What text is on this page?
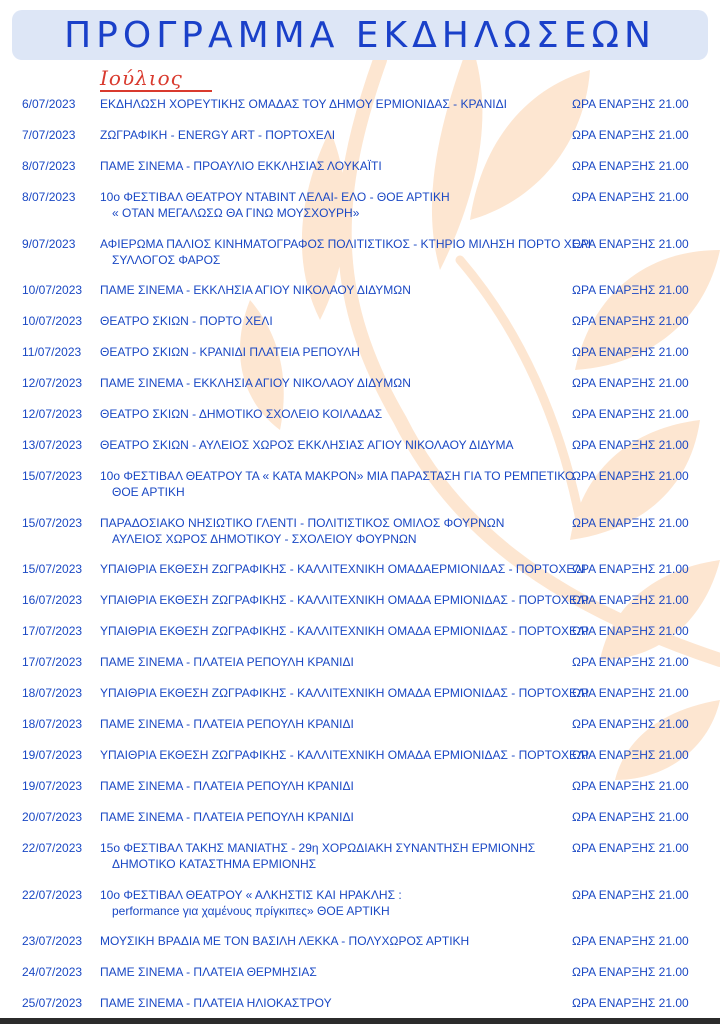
ΠΡΟΓΡΑΜΜΑ ΕΚΔΗΛΩΣΕΩΝ
Ιούλιος
6/07/2023 ΕΚΔΗΛΩΣΗ ΧΟΡΕΥΤΙΚΗΣ ΟΜΑΔΑΣ ΤΟΥ ΔΗΜΟΥ ΕΡΜΙΟΝΙΔΑΣ - ΚΡΑΝΙΔΙ	ΩΡΑ ΕΝΑΡΞΗΣ 21.00
7/07/2023 ΖΩΓΡΑΦΙΚΗ - ENERGY ART - ΠΟΡΤΟΧΕΛΙ	ΩΡΑ ΕΝΑΡΞΗΣ 21.00
8/07/2023 ΠΑΜΕ ΣΙΝΕΜΑ - ΠΡΟΑΥΛΙΟ ΕΚΚΛΗΣΙΑΣ ΛΟΥΚΑΪΤΙ	ΩΡΑ ΕΝΑΡΞΗΣ 21.00
8/07/2023 10ο ΦΕΣΤΙΒΑΛ ΘΕΑΤΡΟΥ ΝΤΑΒΙΝΤ ΛΕΛΑΙ- ΕΛΟ - ΘΟΕ ΑΡΤΙΚΗ
« ΟΤΑΝ ΜΕΓΑΛΩΣΩ ΘΑ ΓΙΝΩ ΜΟΥΣΧΟΥΡΗ»
ΩΡΑ ΕΝΑΡΞΗΣ 21.00
9/07/2023 ΑΦΙΕΡΩΜΑ ΠΑΛΙΟΣ ΚΙΝΗΜΑΤΟΓΡΑΦΟΣ ΠΟΛΙΤΙΣΤΙΚΟΣ - ΚΤΗΡΙΟ ΜΙΛΗΣΗ ΠΟΡΤΟ ΧΕΛΙ
ΣΥΛΛΟΓΟΣ ΦΑΡΟΣ
ΩΡΑ ΕΝΑΡΞΗΣ 21.00
10/07/2023 ΠΑΜΕ ΣΙΝΕΜΑ - ΕΚΚΛΗΣΙΑ ΑΓΙΟΥ ΝΙΚΟΛΑΟΥ ΔΙΔΥΜΩΝ	ΩΡΑ ΕΝΑΡΞΗΣ 21.00
10/07/2023 ΘΕΑΤΡΟ ΣΚΙΩΝ - ΠΟΡΤΟ ΧΕΛΙ	ΩΡΑ ΕΝΑΡΞΗΣ 21.00
11/07/2023 ΘΕΑΤΡΟ ΣΚΙΩΝ - ΚΡΑΝΙΔΙ ΠΛΑΤΕΙΑ ΡΕΠΟΥΛΗ	ΩΡΑ ΕΝΑΡΞΗΣ 21.00
12/07/2023 ΠΑΜΕ ΣΙΝΕΜΑ - ΕΚΚΛΗΣΙΑ ΑΓΙΟΥ ΝΙΚΟΛΑΟΥ ΔΙΔΥΜΩΝ	ΩΡΑ ΕΝΑΡΞΗΣ 21.00
12/07/2023 ΘΕΑΤΡΟ ΣΚΙΩΝ - ΔΗΜΟΤΙΚΟ ΣΧΟΛΕΙΟ ΚΟΙΛΑΔΑΣ	ΩΡΑ ΕΝΑΡΞΗΣ 21.00
13/07/2023 ΘΕΑΤΡΟ ΣΚΙΩΝ - ΑΥΛΕΙΟΣ ΧΩΡΟΣ ΕΚΚΛΗΣΙΑΣ ΑΓΙΟΥ ΝΙΚΟΛΑΟΥ ΔΙΔΥΜΑ	ΩΡΑ ΕΝΑΡΞΗΣ 21.00
15/07/2023 10ο ΦΕΣΤΙΒΑΛ ΘΕΑΤΡΟΥ ΤΑ « ΚΑΤΑ ΜΑΚΡΟΝ» ΜΙΑ ΠΑΡΑΣΤΑΣΗ ΓΙΑ ΤΟ ΡΕΜΠΕΤΙΚΟ
ΘΟΕ ΑΡΤΙΚΗ
ΩΡΑ ΕΝΑΡΞΗΣ 21.00
15/07/2023 ΠΑΡΑΔΟΣΙΑΚΟ ΝΗΣΙΩΤΙΚΟ ΓΛΕΝΤΙ - ΠΟΛΙΤΙΣΤΙΚΟΣ ΟΜΙΛΟΣ ΦΟΥΡΝΩΝ
ΑΥΛΕΙΟΣ ΧΩΡΟΣ ΔΗΜΟΤΙΚΟΥ - ΣΧΟΛΕΙΟΥ ΦΟΥΡΝΩΝ
ΩΡΑ ΕΝΑΡΞΗΣ 21.00
15/07/2023 ΥΠΑΙΘΡΙΑ ΕΚΘΕΣΗ ΖΩΓΡΑΦΙΚΗΣ - ΚΑΛΛΙΤΕΧΝΙΚΗ ΟΜΑΔΑΕΡΜΙΟΝΙΔΑΣ - ΠΟΡΤΟΧΕΛΙ
ΩΡΑ ΕΝΑΡΞΗΣ 21.00
16/07/2023 ΥΠΑΙΘΡΙΑ ΕΚΘΕΣΗ ΖΩΓΡΑΦΙΚΗΣ - ΚΑΛΛΙΤΕΧΝΙΚΗ ΟΜΑΔΑ ΕΡΜΙΟΝΙΔΑΣ - ΠΟΡΤΟΧΕΛΙ
ΩΡΑ ΕΝΑΡΞΗΣ 21.00
17/07/2023 ΥΠΑΙΘΡΙΑ ΕΚΘΕΣΗ ΖΩΓΡΑΦΙΚΗΣ - ΚΑΛΛΙΤΕΧΝΙΚΗ ΟΜΑΔΑ ΕΡΜΙΟΝΙΔΑΣ - ΠΟΡΤΟΧΕΛΙ
ΩΡΑ ΕΝΑΡΞΗΣ 21.00
17/07/2023 ΠΑΜΕ ΣΙΝΕΜΑ - ΠΛΑΤΕΙΑ ΡΕΠΟΥΛΗ ΚΡΑΝΙΔΙ	ΩΡΑ ΕΝΑΡΞΗΣ 21.00
18/07/2023 ΥΠΑΙΘΡΙΑ ΕΚΘΕΣΗ ΖΩΓΡΑΦΙΚΗΣ - ΚΑΛΛΙΤΕΧΝΙΚΗ ΟΜΑΔΑ ΕΡΜΙΟΝΙΔΑΣ - ΠΟΡΤΟΧΕΛΙ
ΩΡΑ ΕΝΑΡΞΗΣ 21.00
18/07/2023 ΠΑΜΕ ΣΙΝΕΜΑ - ΠΛΑΤΕΙΑ ΡΕΠΟΥΛΗ ΚΡΑΝΙΔΙ	ΩΡΑ ΕΝΑΡΞΗΣ 21.00
19/07/2023 ΥΠΑΙΘΡΙΑ ΕΚΘΕΣΗ ΖΩΓΡΑΦΙΚΗΣ - ΚΑΛΛΙΤΕΧΝΙΚΗ ΟΜΑΔΑ ΕΡΜΙΟΝΙΔΑΣ - ΠΟΡΤΟΧΕΛΙ
ΩΡΑ ΕΝΑΡΞΗΣ 21.00
19/07/2023 ΠΑΜΕ ΣΙΝΕΜΑ - ΠΛΑΤΕΙΑ ΡΕΠΟΥΛΗ ΚΡΑΝΙΔΙ	ΩΡΑ ΕΝΑΡΞΗΣ 21.00
20/07/2023 ΠΑΜΕ ΣΙΝΕΜΑ - ΠΛΑΤΕΙΑ ΡΕΠΟΥΛΗ ΚΡΑΝΙΔΙ	ΩΡΑ ΕΝΑΡΞΗΣ 21.00
22/07/2023 15ο ΦΕΣΤΙΒΑΛ ΤΑΚΗΣ ΜΑΝΙΑΤΗΣ - 29η ΧΟΡΩΔΙΑΚΗ ΣΥΝΑΝΤΗΣΗ ΕΡΜΙΟΝΗΣ
ΔΗΜΟΤΙΚΟ ΚΑΤΑΣΤΗΜΑ ΕΡΜΙΟΝΗΣ
ΩΡΑ ΕΝΑΡΞΗΣ 21.00
22/07/2023 10ο ΦΕΣΤΙΒΑΛ ΘΕΑΤΡΟΥ « ΑΛΚΗΣΤΙΣ ΚΑΙ ΗΡΑΚΛΗΣ :
performance για χαμένους πρίγκιπες» ΘΟΕ ΑΡΤΙΚΗ
ΩΡΑ ΕΝΑΡΞΗΣ 21.00
23/07/2023 ΜΟΥΣΙΚΗ ΒΡΑΔΙΑ ΜΕ ΤΟΝ ΒΑΣΙΛΗ ΛΕΚΚΑ - ΠΟΛΥΧΩΡΟΣ ΑΡΤΙΚΗ	ΩΡΑ ΕΝΑΡΞΗΣ 21.00
24/07/2023 ΠΑΜΕ ΣΙΝΕΜΑ - ΠΛΑΤΕΙΑ ΘΕΡΜΗΣΙΑΣ	ΩΡΑ ΕΝΑΡΞΗΣ 21.00
25/07/2023 ΠΑΜΕ ΣΙΝΕΜΑ - ΠΛΑΤΕΙΑ ΗΛΙΟΚΑΣΤΡΟΥ	ΩΡΑ ΕΝΑΡΞΗΣ 21.00
